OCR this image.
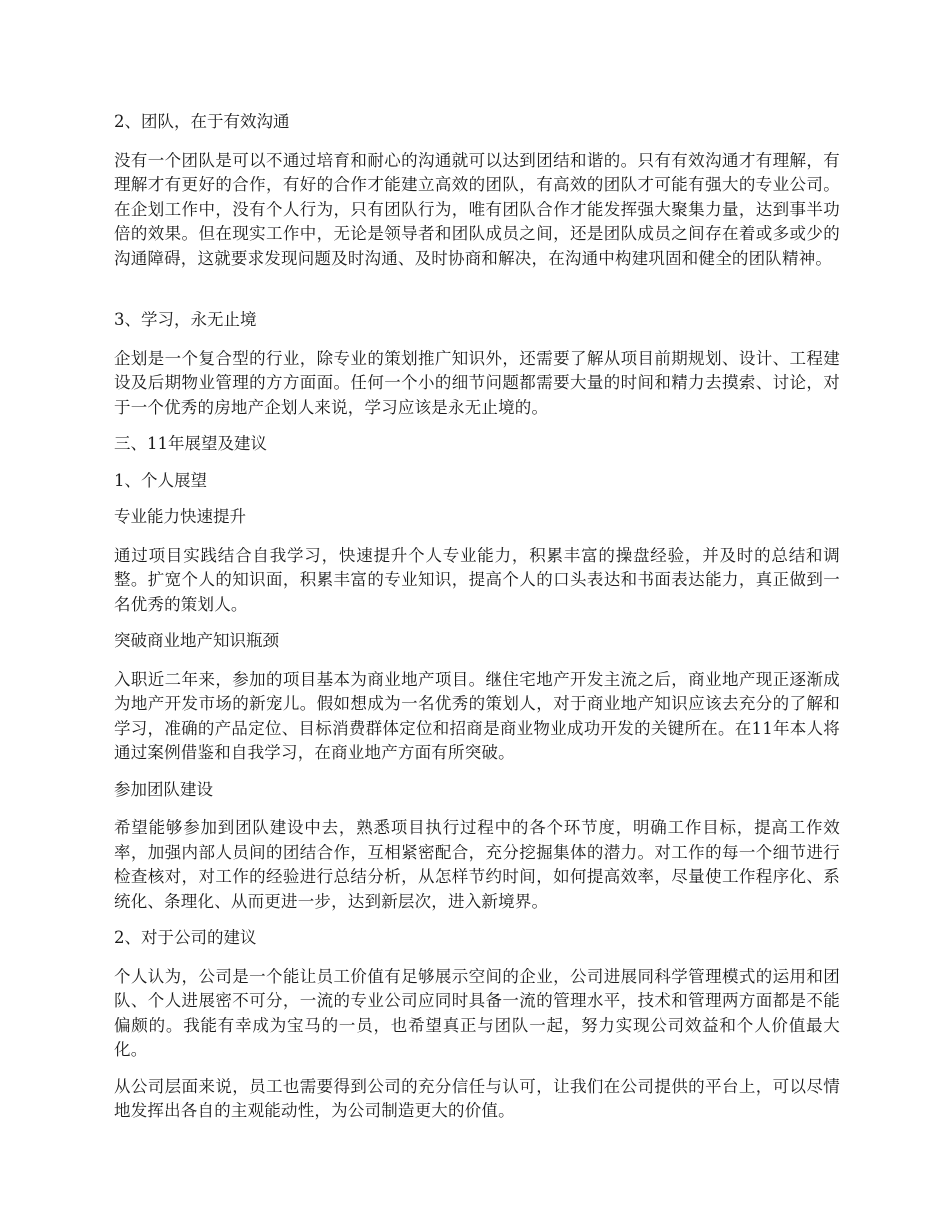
2、团队，在于有效沟通

没有一个团队是可以不通过培育和耐心的沟通就可以达到团结和谐的。只有有效沟通才有理解，有理解才有更好的合作，有好的合作才能建立高效的团队，有高效的团队才可能有强大的专业公司。在企划工作中，没有个人行为，只有团队行为，唯有团队合作才能发挥强大聚集力量，达到事半功倍的效果。但在现实工作中，无论是领导者和团队成员之间，还是团队成员之间存在着或多或少的沟通障碍，这就要求发现问题及时沟通、及时协商和解决，在沟通中构建巩固和健全的团队精神。

3、学习，永无止境

企划是一个复合型的行业，除专业的策划推广知识外，还需要了解从项目前期规划、设计、工程建设及后期物业管理的方方面面。任何一个小的细节问题都需要大量的时间和精力去摸索、讨论，对于一个优秀的房地产企划人来说，学习应该是永无止境的。

三、11年展望及建议

1、个人展望

专业能力快速提升

通过项目实践结合自我学习，快速提升个人专业能力，积累丰富的操盘经验，并及时的总结和调整。扩宽个人的知识面，积累丰富的专业知识，提高个人的口头表达和书面表达能力，真正做到一名优秀的策划人。

突破商业地产知识瓶颈

入职近二年来，参加的项目基本为商业地产项目。继住宅地产开发主流之后，商业地产现正逐渐成为地产开发市场的新宠儿。假如想成为一名优秀的策划人，对于商业地产知识应该去充分的了解和学习，准确的产品定位、目标消费群体定位和招商是商业物业成功开发的关键所在。在11年本人将通过案例借鉴和自我学习，在商业地产方面有所突破。

参加团队建设

希望能够参加到团队建设中去，熟悉项目执行过程中的各个环节度，明确工作目标，提高工作效率，加强内部人员间的团结合作，互相紧密配合，充分挖掘集体的潜力。对工作的每一个细节进行检查核对，对工作的经验进行总结分析，从怎样节约时间，如何提高效率，尽量使工作程序化、系统化、条理化、从而更进一步，达到新层次，进入新境界。

2、对于公司的建议

个人认为，公司是一个能让员工价值有足够展示空间的企业，公司进展同科学管理模式的运用和团队、个人进展密不可分，一流的专业公司应同时具备一流的管理水平，技术和管理两方面都是不能偏颇的。我能有幸成为宝马的一员，也希望真正与团队一起，努力实现公司效益和个人价值最大化。

从公司层面来说，员工也需要得到公司的充分信任与认可，让我们在公司提供的平台上，可以尽情地发挥出各自的主观能动性，为公司制造更大的价值。
